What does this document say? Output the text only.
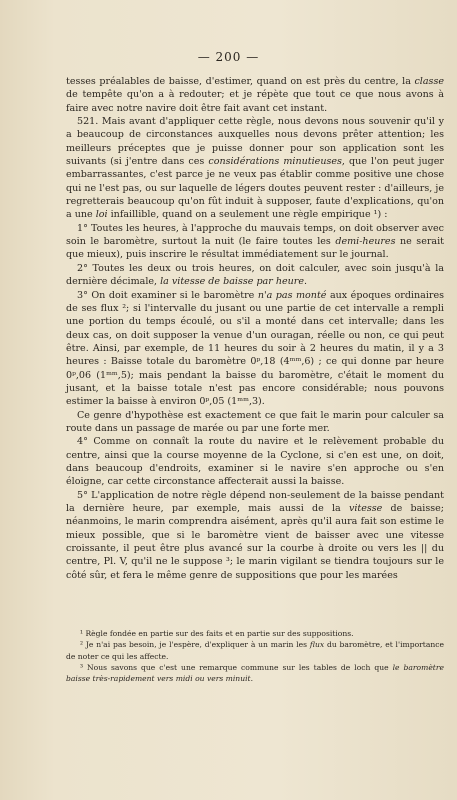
— 200 —

tesses préalables de baisse, d'estimer, quand on est près du centre, la classe de tempête qu'on a à redouter; et je répète que tout ce que nous avons à faire avec notre navire doit être fait avant cet instant.

521. Mais avant d'appliquer cette règle, nous devons nous souvenir qu'il y a beaucoup de circonstances auxquelles nous devons prêter attention; les meilleurs préceptes que je puisse donner pour son application sont les suivants (si j'entre dans ces considérations minutieuses, que l'on peut juger embarrassantes, c'est parce je ne veux pas établir comme positive une chose qui ne l'est pas, ou sur laquelle de légers doutes peuvent rester : d'ailleurs, je regretterais beaucoup qu'on fût induit à supposer, faute d'explications, qu'on a une loi infaillible, quand on a seulement une règle empirique ¹) :

1° Toutes les heures, à l'approche du mauvais temps, on doit observer avec soin le baromètre, surtout la nuit (le faire toutes les demi-heures ne serait que mieux), puis inscrire le résultat immédiatement sur le journal.

2° Toutes les deux ou trois heures, on doit calculer, avec soin jusqu'à la dernière décimale, la vitesse de baisse par heure.

3° On doit examiner si le baromètre n'a pas monté aux époques ordinaires de ses flux ²; si l'intervalle du jusant ou une partie de cet intervalle a rempli une portion du temps écoulé, ou s'il a monté dans cet intervalle; dans les deux cas, on doit supposer la venue d'un ouragan, réelle ou non, ce qui peut être. Ainsi, par exemple, de 11 heures du soir à 2 heures du matin, il y a 3 heures : Baisse totale du baromètre 0ᵖ,18 (4ᵐᵐ,6) ; ce qui donne par heure 0ᵖ,06 (1ᵐᵐ,5); mais pendant la baisse du baromètre, c'était le moment du jusant, et la baisse totale n'est pas encore considérable; nous pouvons estimer la baisse à environ 0ᵖ,05 (1ᵐᵐ,3).

Ce genre d'hypothèse est exactement ce que fait le marin pour calculer sa route dans un passage de marée ou par une forte mer.

4° Comme on connaît la route du navire et le relèvement probable du centre, ainsi que la course moyenne de la Cyclone, si c'en est une, on doit, dans beaucoup d'endroits, examiner si le navire s'en approche ou s'en éloigne, car cette circonstance affecterait aussi la baisse.

5° L'application de notre règle dépend non-seulement de la baisse pendant la dernière heure, par exemple, mais aussi de la vitesse de baisse; néanmoins, le marin comprendra aisément, après qu'il aura fait son estime le mieux possible, que si le baromètre vient de baisser avec une vitesse croissante, il peut être plus avancé sur la courbe à droite ou vers les || du centre, Pl. V, qu'il ne le suppose ³; le marin vigilant se tiendra toujours sur le côté sûr, et fera le même genre de suppositions que pour les marées

¹ Règle fondée en partie sur des faits et en partie sur des suppositions.

² Je n'ai pas besoin, je l'espère, d'expliquer à un marin les flux du baromètre, et l'importance de noter ce qui les affecte.

³ Nous savons que c'est une remarque commune sur les tables de loch que le baromètre baisse très-rapidement vers midi ou vers minuit.
